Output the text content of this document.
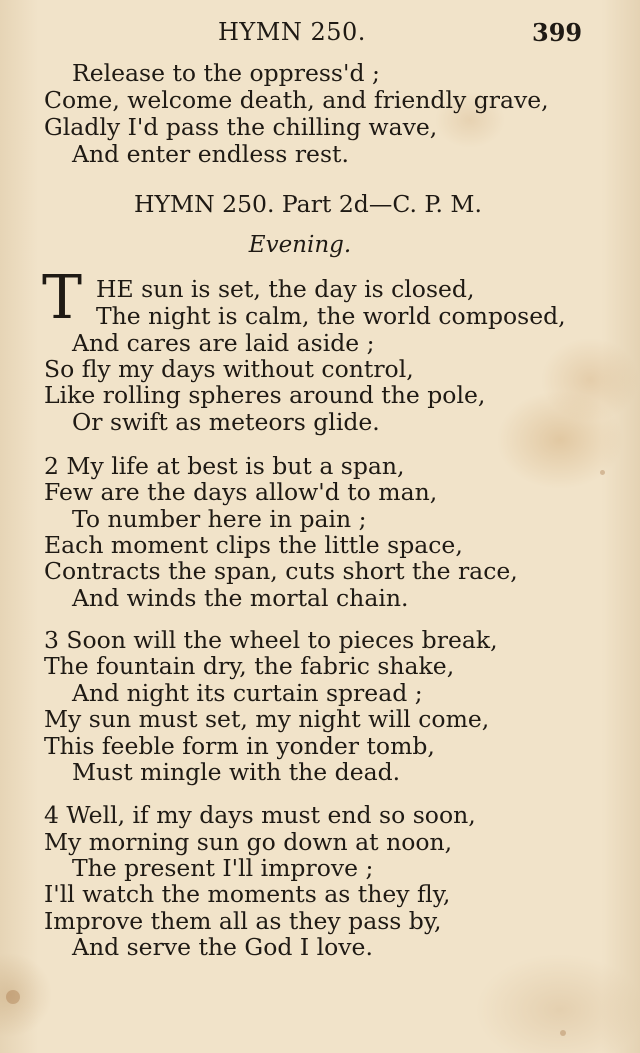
HYMN 250.	399
Release to the oppress'd ;
Come, welcome death, and friendly grave,
Gladly I'd pass the chilling wave,
And enter endless rest.
HYMN 250. Part 2d—C. P. M.
Evening.
T HE sun is set, the day is closed,
The night is calm, the world composed,
And cares are laid aside ;
So fly my days without control,
Like rolling spheres around the pole,
Or swift as meteors glide.
2 My life at best is but a span,
Few are the days allow'd to man,
To number here in pain ;
Each moment clips the little space,
Contracts the span, cuts short the race,
And winds the mortal chain.
3 Soon will the wheel to pieces break,
The fountain dry, the fabric shake,
And night its curtain spread ;
My sun must set, my night will come,
This feeble form in yonder tomb,
Must mingle with the dead.
4 Well, if my days must end so soon,
My morning sun go down at noon,
The present I'll improve ;
I'll watch the moments as they fly,
Improve them all as they pass by,
And serve the God I love.
